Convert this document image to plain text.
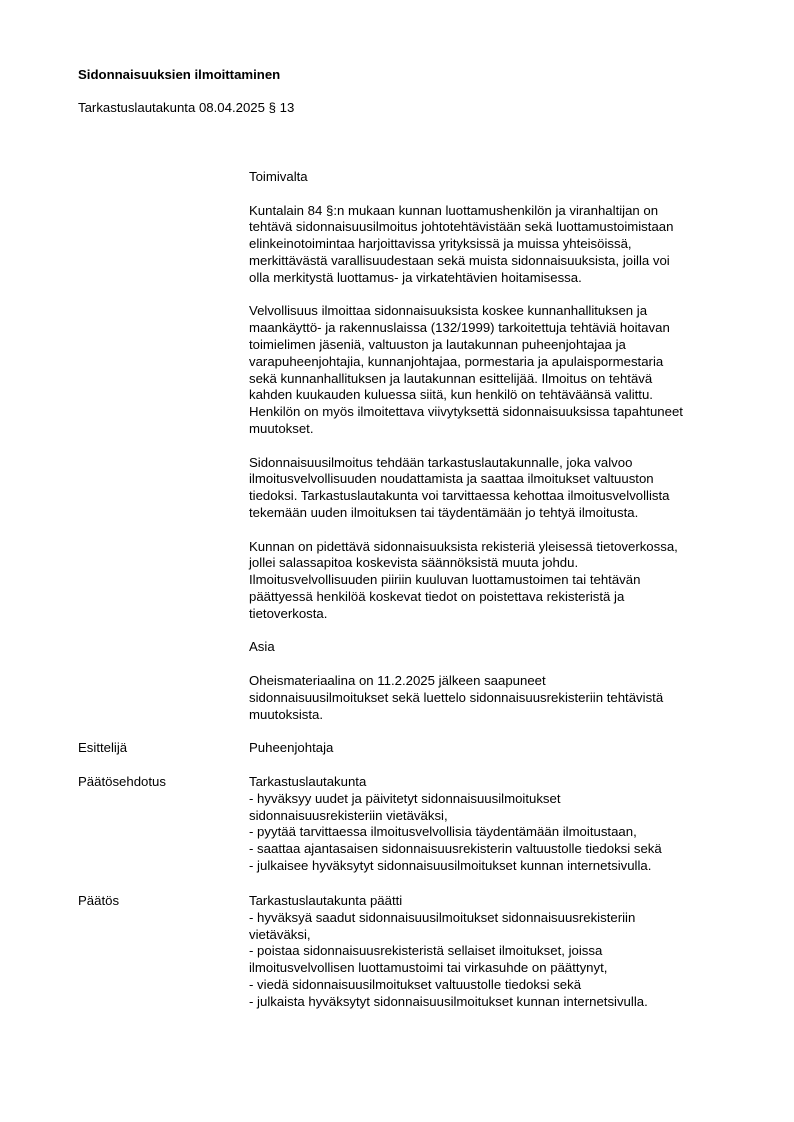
Sidonnaisuuksien ilmoittaminen
Tarkastuslautakunta 08.04.2025 § 13

Toimivalta

Kuntalain 84 §:n mukaan kunnan luottamushenkilön ja viranhaltijan on
tehtävä sidonnaisuusilmoitus johtotehtävistään sekä luottamustoimistaan
elinkeinotoimintaa harjoittavissa yrityksissä ja muissa yhteisöissä,
merkittävästä varallisuudestaan sekä muista sidonnaisuuksista, joilla voi
olla merkitystä luottamus- ja virkatehtävien hoitamisessa.

Velvollisuus ilmoittaa sidonnaisuuksista koskee kunnanhallituksen ja
maankäyttö- ja rakennuslaissa (132/1999) tarkoitettuja tehtäviä hoitavan
toimielimen jäseniä, valtuuston ja lautakunnan puheenjohtajaa ja
varapuheenjohtajia, kunnanjohtajaa, pormestaria ja apulaispormestaria
sekä kunnanhallituksen ja lautakunnan esittelijää. Ilmoitus on tehtävä
kahden kuukauden kuluessa siitä, kun henkilö on tehtäväänsä valittu.
Henkilön on myös ilmoitettava viivytyksettä sidonnaisuuksissa tapahtuneet
muutokset.

Sidonnaisuusilmoitus tehdään tarkastuslautakunnalle, joka valvoo
ilmoitusvelvollisuuden noudattamista ja saattaa ilmoitukset valtuuston
tiedoksi. Tarkastuslautakunta voi tarvittaessa kehottaa ilmoitusvelvollista
tekemään uuden ilmoituksen tai täydentämään jo tehtyä ilmoitusta.

Kunnan on pidettävä sidonnaisuuksista rekisteriä yleisessä tietoverkossa,
jollei salassapitoa koskevista säännöksistä muuta johdu.
Ilmoitusvelvollisuuden piiriin kuuluvan luottamustoimen tai tehtävän
päättyessä henkilöä koskevat tiedot on poistettava rekisteristä ja
tietoverkosta.

Asia

Oheismateriaalina on 11.2.2025 jälkeen saapuneet
sidonnaisuusilmoitukset sekä luettelo sidonnaisuusrekisteriin tehtävistä
muutoksista.

Esittelijä	Puheenjohtaja
Päätösehdotus	Tarkastuslautakunta
- hyväksyy uudet ja päivitetyt sidonnaisuusilmoitukset
sidonnaisuusrekisteriin vietäväksi,
- pyytää tarvittaessa ilmoitusvelvollisia täydentämään ilmoitustaan,
- saattaa ajantasaisen sidonnaisuusrekisterin valtuustolle tiedoksi sekä
- julkaisee hyväksytyt sidonnaisuusilmoitukset kunnan internetsivulla.
Päätös	Tarkastuslautakunta päätti
- hyväksyä saadut sidonnaisuusilmoitukset sidonnaisuusrekisteriin
vietäväksi,
- poistaa sidonnaisuusrekisteristä sellaiset ilmoitukset, joissa
ilmoitusvelvollisen luottamustoimi tai virkasuhde on päättynyt,
- viedä sidonnaisuusilmoitukset valtuustolle tiedoksi sekä
- julkaista hyväksytyt sidonnaisuusilmoitukset kunnan internetsivulla.
